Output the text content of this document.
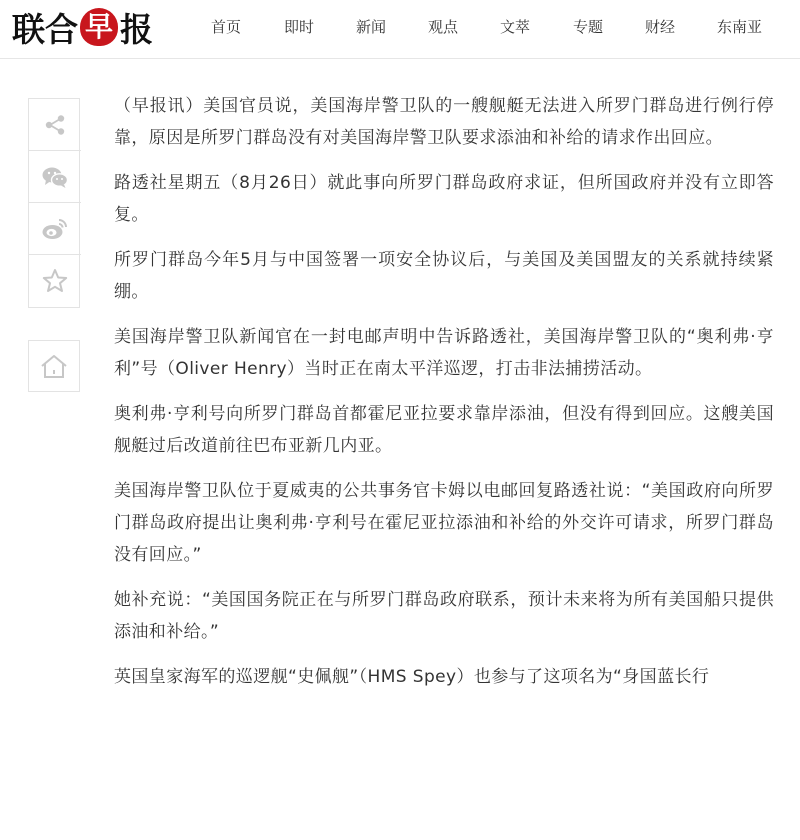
联合 早 报	首页	即时	新闻	观点	文萃	专题	财经	东南亚

（早报讯）美国官员说，美国海岸警卫队的一艘舰艇无法进入所罗门群岛进行例行停靠，原因是所罗门群岛没有对美国海岸警卫队要求添油和补给的请求作出回应。

路透社星期五（8月26日）就此事向所罗门群岛政府求证，但所国政府并没有立即答复。

所罗门群岛今年5月与中国签署一项安全协议后，与美国及美国盟友的关系就持续紧绷。

美国海岸警卫队新闻官在一封电邮声明中告诉路透社，美国海岸警卫队的“奥利弗·亨利”号（Oliver Henry）当时正在南太平洋巡逻，打击非法捕捞活动。

奥利弗·亨利号向所罗门群岛首都霍尼亚拉要求靠岸添油，但没有得到回应。这艘美国舰艇过后改道前往巴布亚新几内亚。

美国海岸警卫队位于夏威夷的公共事务官卡姆以电邮回复路透社说：“美国政府向所罗门群岛政府提出让奥利弗·亨利号在霍尼亚拉添油和补给的外交许可请求，所罗门群岛没有回应。”

她补充说：“美国国务院正在与所罗门群岛政府联系，预计未来将为所有美国船只提供添油和补给。”

英国皇家海军的巡逻舰“史佩舰”（HMS Spey）也参与了这项名为“身国蓝长行
